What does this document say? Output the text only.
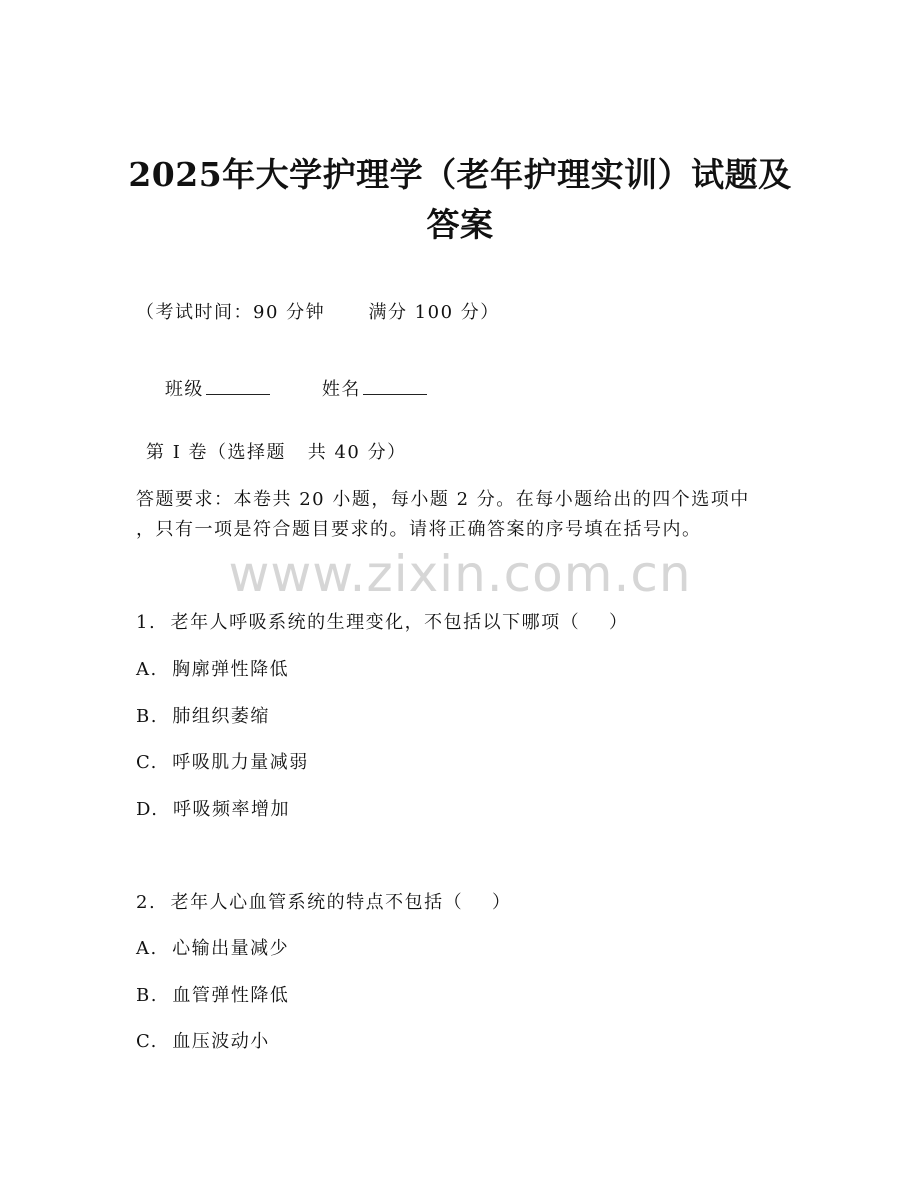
2025年大学护理学（老年护理实训）试题及
答案
（考试时间：90 分钟      满分 100 分）

班级	姓名

第 I 卷（选择题   共 40 分）
答题要求：本卷共 20 小题，每小题 2 分。在每小题给出的四个选项中
，只有一项是符合题目要求的。请将正确答案的序号填在括号内。
www.zixin.com.cn
1.  老年人呼吸系统的生理变化，不包括以下哪项（    ）
A.  胸廓弹性降低
B.  肺组织萎缩
C.  呼吸肌力量减弱
D.  呼吸频率增加
2.  老年人心血管系统的特点不包括（    ）
A.  心输出量减少
B.  血管弹性降低
C.  血压波动小
